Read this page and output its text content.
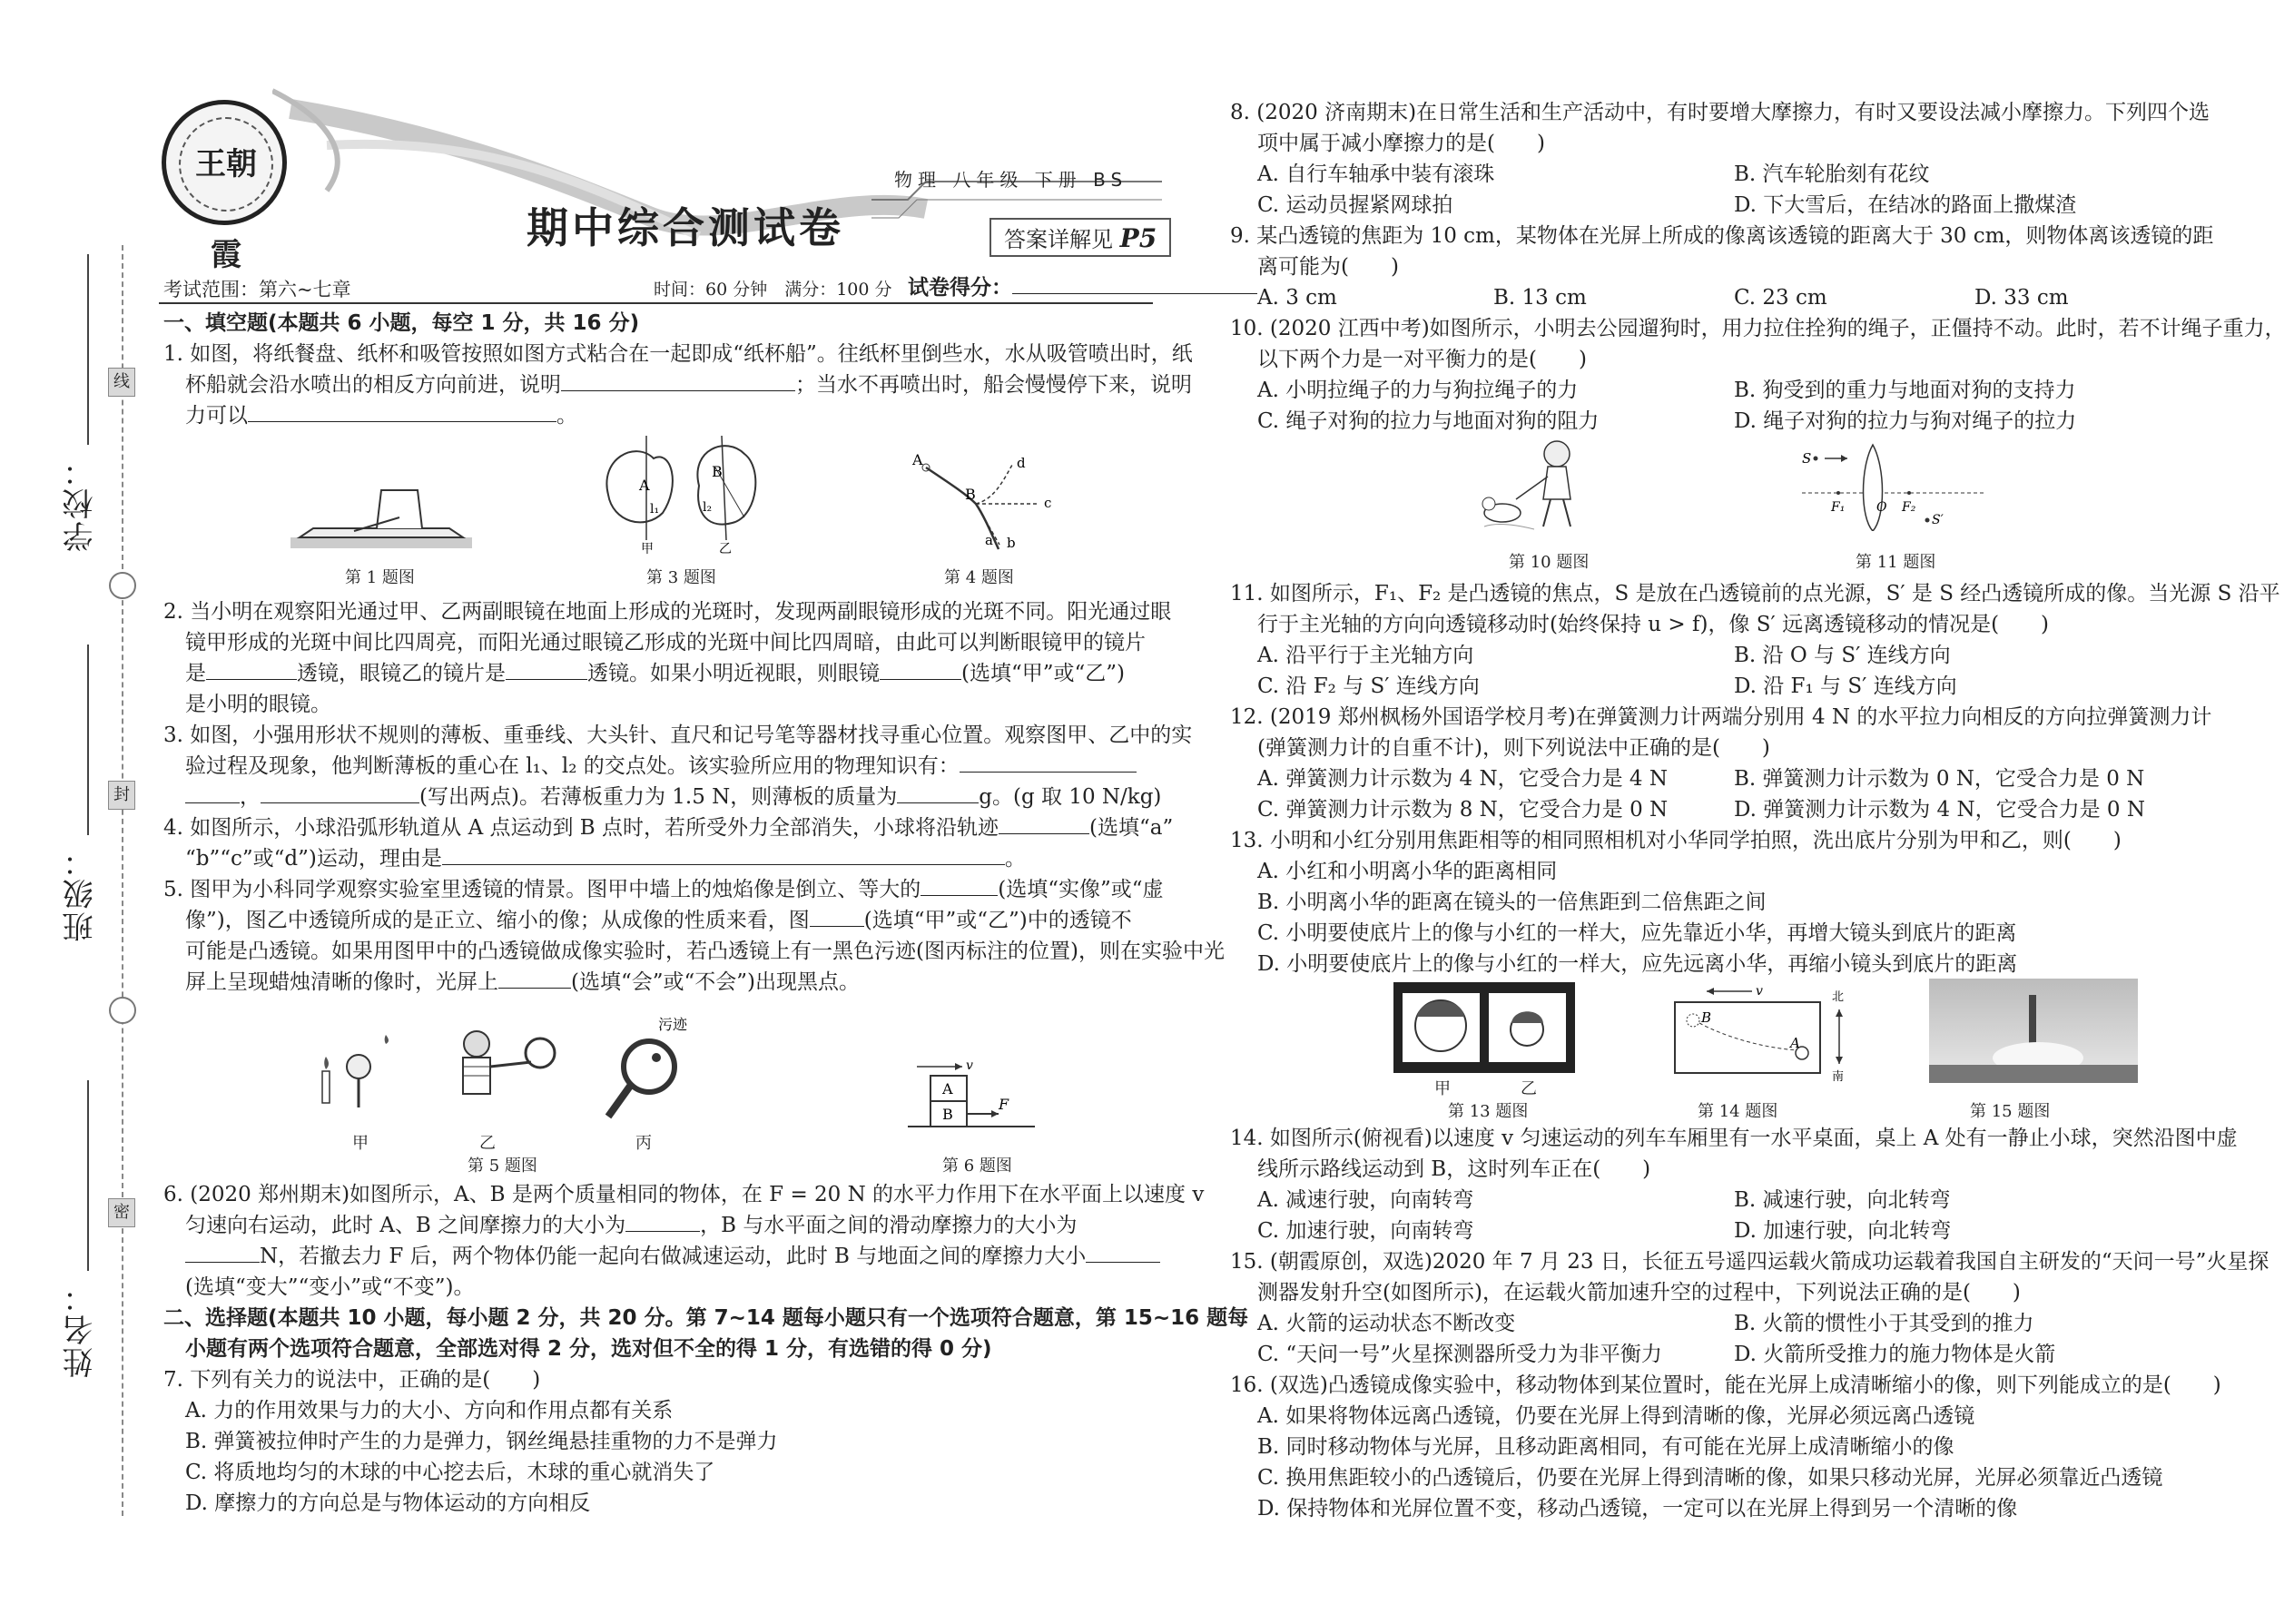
学校：
班级：
姓名：
线
封
密
王朝霞
期中综合测试卷
物理 八年级 下册 BS
答案详解见 P5
考试范围：第六~七章	时间：60 分钟　满分：100 分 试卷得分：
一、填空题(本题共 6 小题，每空 1 分，共 16 分)
1. 如图，将纸餐盘、纸杯和吸管按照如图方式粘合在一起即成“纸杯船”。往纸杯里倒些水，水从吸管喷出时，纸
杯船就会沿水喷出的相反方向前进，说明	；当水不再喷出时，船会慢慢停下来，说明
力可以	。
第 1 题图
A
l₁
B
l₂
甲	乙
第 3 题图
A
B
a b
c
d
第 4 题图
2. 当小明在观察阳光通过甲、乙两副眼镜在地面上形成的光斑时，发现两副眼镜形成的光斑不同。阳光通过眼
镜甲形成的光斑中间比四周亮，而阳光通过眼镜乙形成的光斑中间比四周暗，由此可以判断眼镜甲的镜片
是	透镜，眼镜乙的镜片是	透镜。如果小明近视眼，则眼镜	(选填“甲”或“乙”)
是小明的眼镜。
3. 如图，小强用形状不规则的薄板、重垂线、大头针、直尺和记号笔等器材找寻重心位置。观察图甲、乙中的实
验过程及现象，他判断薄板的重心在 l₁、l₂ 的交点处。该实验所应用的物理知识有：
，	(写出两点)。若薄板重力为 1.5 N，则薄板的质量为	g。(g 取 10 N/kg)
4. 如图所示，小球沿弧形轨道从 A 点运动到 B 点时，若所受外力全部消失，小球将沿轨迹	(选填“a”
“b”“c”或“d”)运动，理由是	。
5. 图甲为小科同学观察实验室里透镜的情景。图甲中墙上的烛焰像是倒立、等大的	(选填“实像”或“虚
像”)，图乙中透镜所成的是正立、缩小的像；从成像的性质来看，图	(选填“甲”或“乙”)中的透镜不
可能是凸透镜。如果用图甲中的凸透镜做成像实验时，若凸透镜上有一黑色污迹(图丙标注的位置)，则在实验中光
屏上呈现蜡烛清晰的像时，光屏上	(选填“会”或“不会”)出现黑点。
污迹
甲	乙	丙
第 5 题图
v
A
B
F
第 6 题图
6. (2020 郑州期末)如图所示，A、B 是两个质量相同的物体，在 F = 20 N 的水平力作用下在水平面上以速度 v
匀速向右运动，此时 A、B 之间摩擦力的大小为	，B 与水平面之间的滑动摩擦力的大小为
N，若撤去力 F 后，两个物体仍能一起向右做减速运动，此时 B 与地面之间的摩擦力大小
(选填“变大”“变小”或“不变”)。
二、选择题(本题共 10 小题，每小题 2 分，共 20 分。第 7~14 题每小题只有一个选项符合题意，第 15~16 题每
小题有两个选项符合题意，全部选对得 2 分，选对但不全的得 1 分，有选错的得 0 分)
7. 下列有关力的说法中，正确的是(　　)
A. 力的作用效果与力的大小、方向和作用点都有关系
B. 弹簧被拉伸时产生的力是弹力，钢丝绳悬挂重物的力不是弹力
C. 将质地均匀的木球的中心挖去后，木球的重心就消失了
D. 摩擦力的方向总是与物体运动的方向相反
8. (2020 济南期末)在日常生活和生产活动中，有时要增大摩擦力，有时又要设法减小摩擦力。下列四个选
项中属于减小摩擦力的是(　　)
A. 自行车轴承中装有滚珠	B. 汽车轮胎刻有花纹
C. 运动员握紧网球拍	D. 下大雪后，在结冰的路面上撒煤渣
9. 某凸透镜的焦距为 10 cm，某物体在光屏上所成的像离该透镜的距离大于 30 cm，则物体离该透镜的距
离可能为(　　)
A. 3 cm	B. 13 cm	C. 23 cm	D. 33 cm
10. (2020 江西中考)如图所示，小明去公园遛狗时，用力拉住拴狗的绳子，正僵持不动。此时，若不计绳子重力，
以下两个力是一对平衡力的是(　　)
A. 小明拉绳子的力与狗拉绳子的力	B. 狗受到的重力与地面对狗的支持力
C. 绳子对狗的拉力与地面对狗的阻力	D. 绳子对狗的拉力与狗对绳子的拉力
第 10 题图
S
F₁ O F₂
S′
第 11 题图
11. 如图所示，F₁、F₂ 是凸透镜的焦点，S 是放在凸透镜前的点光源，S′ 是 S 经凸透镜所成的像。当光源 S 沿平
行于主光轴的方向向透镜移动时(始终保持 u > f)，像 S′ 远离透镜移动的情况是(　　)
A. 沿平行于主光轴方向	B. 沿 O 与 S′ 连线方向
C. 沿 F₂ 与 S′ 连线方向	D. 沿 F₁ 与 S′ 连线方向
12. (2019 郑州枫杨外国语学校月考)在弹簧测力计两端分别用 4 N 的水平拉力向相反的方向拉弹簧测力计
(弹簧测力计的自重不计)，则下列说法中正确的是(　　)
A. 弹簧测力计示数为 4 N，它受合力是 4 N	B. 弹簧测力计示数为 0 N，它受合力是 0 N
C. 弹簧测力计示数为 8 N，它受合力是 0 N	D. 弹簧测力计示数为 4 N，它受合力是 0 N
13. 小明和小红分别用焦距相等的相同照相机对小华同学拍照，洗出底片分别为甲和乙，则(　　)
A. 小红和小明离小华的距离相同
B. 小明离小华的距离在镜头的一倍焦距到二倍焦距之间
C. 小明要使底片上的像与小红的一样大，应先靠近小华，再增大镜头到底片的距离
D. 小明要使底片上的像与小红的一样大，应先远离小华，再缩小镜头到底片的距离
甲	乙
第 13 题图
v
B
A
北
南
第 14 题图	第 15 题图
14. 如图所示(俯视看)以速度 v 匀速运动的列车车厢里有一水平桌面，桌上 A 处有一静止小球，突然沿图中虚
线所示路线运动到 B，这时列车正在(　　)
A. 减速行驶，向南转弯	B. 减速行驶，向北转弯
C. 加速行驶，向南转弯	D. 加速行驶，向北转弯
15. (朝霞原创，双选)2020 年 7 月 23 日，长征五号遥四运载火箭成功运载着我国自主研发的“天问一号”火星探
测器发射升空(如图所示)，在运载火箭加速升空的过程中，下列说法正确的是(　　)
A. 火箭的运动状态不断改变	B. 火箭的惯性小于其受到的推力
C. “天问一号”火星探测器所受力为非平衡力	D. 火箭所受推力的施力物体是火箭
16. (双选)凸透镜成像实验中，移动物体到某位置时，能在光屏上成清晰缩小的像，则下列能成立的是(　　)
A. 如果将物体远离凸透镜，仍要在光屏上得到清晰的像，光屏必须远离凸透镜
B. 同时移动物体与光屏，且移动距离相同，有可能在光屏上成清晰缩小的像
C. 换用焦距较小的凸透镜后，仍要在光屏上得到清晰的像，如果只移动光屏，光屏必须靠近凸透镜
D. 保持物体和光屏位置不变，移动凸透镜，一定可以在光屏上得到另一个清晰的像
